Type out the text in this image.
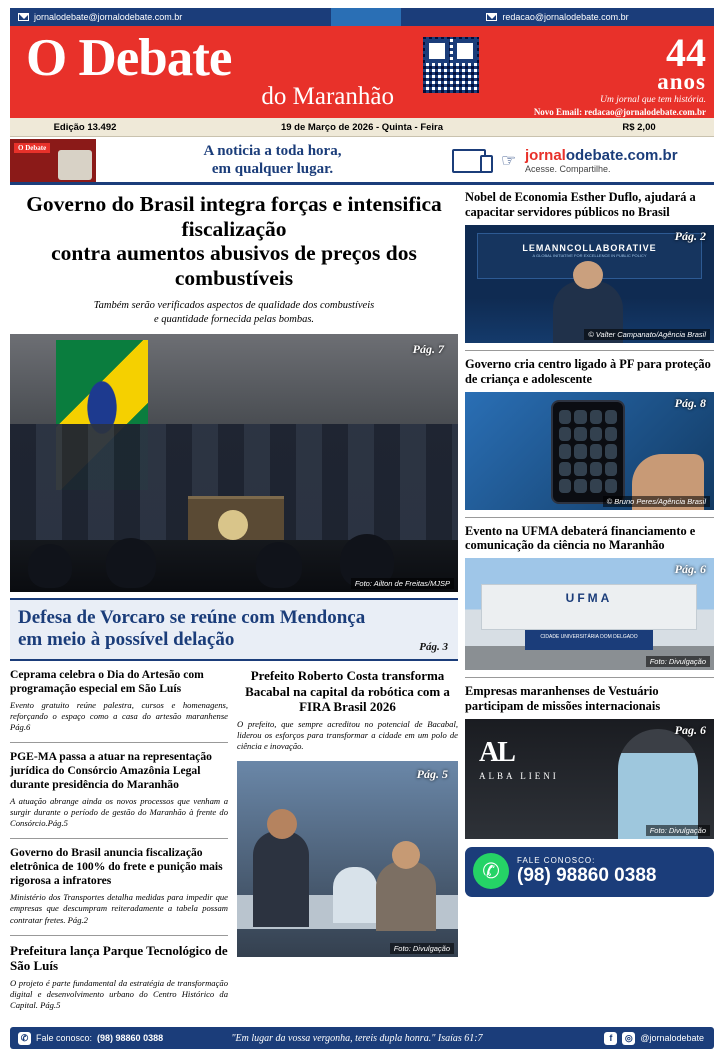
jornalodebate@jornalodebate.com.br	redacao@jornalodebate.com.br
O Debate
do Maranhão
44
anos
Um jornal que tem história.
Novo Email: redacao@jornalodebate.com.br
Edição 13.492	19 de Março de 2026 - Quinta - Feira	R$ 2,00
O Debate	A noticia a toda hora,
em qualquer lugar.	☞ jornalodebate.com.br
Acesse. Compartilhe.
Governo do Brasil integra forças e intensifica fiscalização
contra aumentos abusivos de preços dos combustíveis
Também serão verificados aspectos de qualidade dos combustíveis
e quantidade fornecida pelas bombas.
Pág. 7
Foto: Ailton de Freitas/MJSP
Defesa de Vorcaro se reúne com Mendonça
em meio à possível delação	Pág. 3
Ceprama celebra o Dia do Artesão com programação especial em São Luís

Evento gratuito reúne palestra, cursos e homenagens, reforçando o espaço como a casa do artesão maranhense Pág.6

PGE-MA passa a atuar na representação jurídica do Consórcio Amazônia Legal durante presidência do Maranhão

A atuação abrange ainda os novos processos que venham a surgir durante o período de gestão do Maranhão à frente do Consórcio.Pág.5

Governo do Brasil anuncia fiscalização eletrônica de 100% do frete e punição mais rigorosa a infratores

Ministério dos Transportes detalha medidas para impedir que empresas que descumpram reiteradamente a tabela possam contratar fretes. Pág.2

Prefeitura lança Parque Tecnológico de São Luís

O projeto é parte fundamental da estratégia de transformação digital e desenvolvimento urbano do Centro Histórico da Capital. Pág.5

Prefeito Roberto Costa transforma Bacabal na capital da robótica com a FIRA Brasil 2026

O prefeito, que sempre acreditou no potencial de Bacabal, liderou os esforços para transformar a cidade em um polo de ciência e inovação.

Pág. 5
Foto: Divulgação
Nobel de Economia Esther Duflo, ajudará a capacitar servidores públicos no Brasil
LEMANNCOLLABORATIVE
A GLOBAL INITIATIVE FOR EXCELLENCE IN PUBLIC POLICY
Pág. 2
© Valter Campanato/Agência Brasil
Governo cria centro ligado à PF para proteção de criança e adolescente
Pág. 8
© Bruno Peres/Agência Brasil
Evento na UFMA debaterá financiamento e comunicação da ciência no Maranhão
UFMA
CIDADE UNIVERSITÁRIA DOM DELGADO
Pág. 6
Foto: Divulgação
Empresas maranhenses de Vestuário participam de missões internacionais
AL
ALBA LIENI
Pag. 6
Foto: Divulgação
✆	FALE CONOSCO:
(98) 98860 0388
✆ Fale conosco: (98) 98860 0388	"Em lugar da vossa vergonha, tereis dupla honra." Isaías 61:7	f	◎ @jornalodebate
